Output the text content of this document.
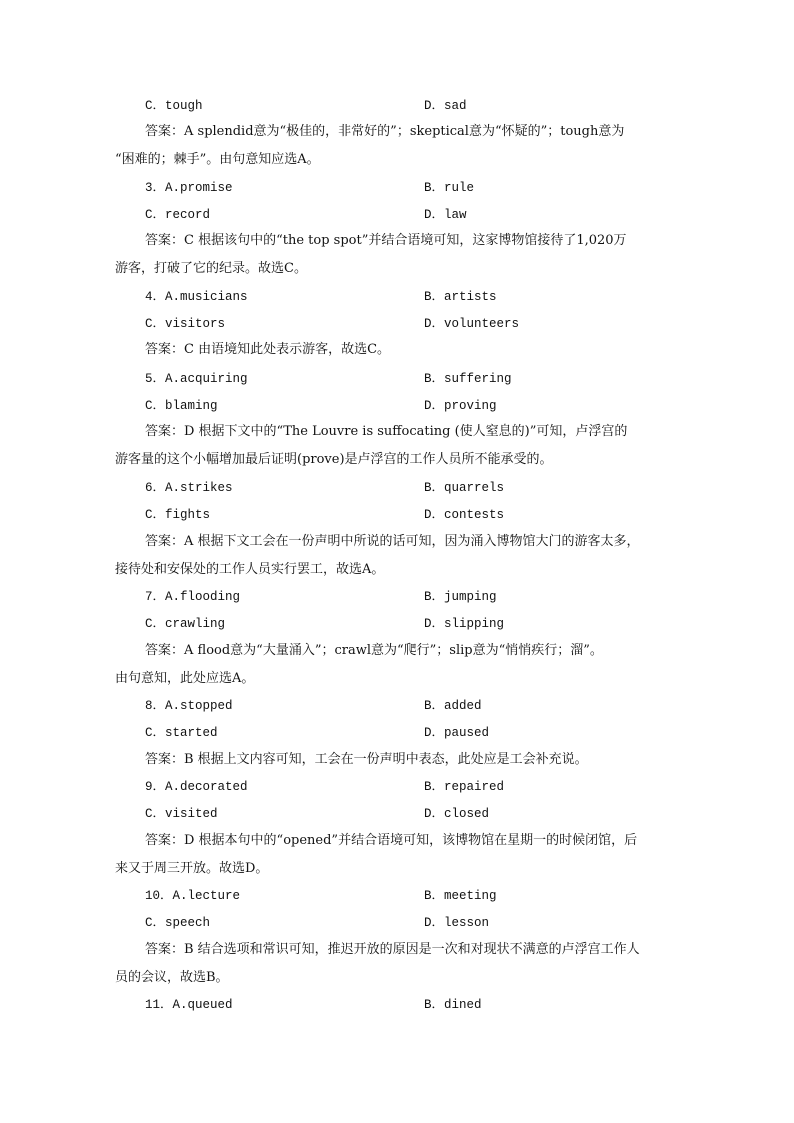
C．tough	D．sad
答案：A splendid意为“极佳的，非常好的”；skeptical意为“怀疑的”；tough意为
“困难的；棘手”。由句意知应选A。
3．A.promise	B．rule
C．record	D．law
答案：C 根据该句中的“the top spot”并结合语境可知，这家博物馆接待了1,020万
游客，打破了它的纪录。故选C。
4．A.musicians	B．artists
C．visitors	D．volunteers
答案：C 由语境知此处表示游客，故选C。
5．A.acquiring	B．suffering
C．blaming	D．proving
答案：D 根据下文中的“The Louvre is suffocating (使人窒息的)”可知，卢浮宫的
游客量的这个小幅增加最后证明(prove)是卢浮宫的工作人员所不能承受的。
6．A.strikes	B．quarrels
C．fights	D．contests
答案：A 根据下文工会在一份声明中所说的话可知，因为涌入博物馆大门的游客太多，
接待处和安保处的工作人员实行罢工，故选A。
7．A.flooding	B．jumping
C．crawling	D．slipping
答案：A flood意为“大量涌入”；crawl意为“爬行”；slip意为“悄悄疾行；溜”。
由句意知，此处应选A。
8．A.stopped	B．added
C．started	D．paused
答案：B 根据上文内容可知，工会在一份声明中表态，此处应是工会补充说。
9．A.decorated	B．repaired
C．visited	D．closed
答案：D 根据本句中的“opened”并结合语境可知，该博物馆在星期一的时候闭馆，后
来又于周三开放。故选D。
10．A.lecture	B．meeting
C．speech	D．lesson
答案：B 结合选项和常识可知，推迟开放的原因是一次和对现状不满意的卢浮宫工作人
员的会议，故选B。
11．A.queued	B．dined
